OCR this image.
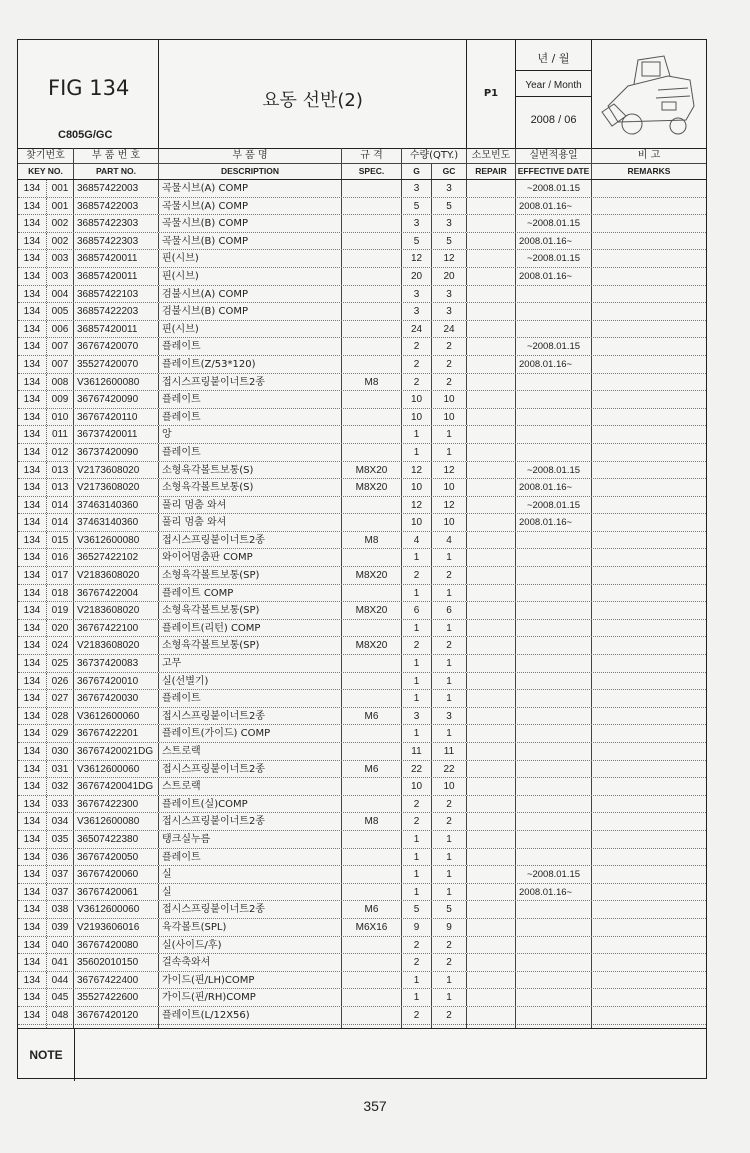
FIG 134
C805G/GC
요동 선반(2)	P1
년 / 월
Year / Month
2008 / 06
찾기번호	부 품 번 호	부 품 명	규 격	수량(QTY.)	소모빈도	실번적용일	비 고
KEY NO.	PART NO.	DESCRIPTION	SPEC.	G	GC	REPAIR	EFFECTIVE DATE	REMARKS
134	001 36857422003	곡물시브(A) COMP	3	3	~2008.01.15
134	001 36857422003	곡물시브(A) COMP	5	5	2008.01.16~
134	002 36857422303	곡물시브(B) COMP	3	3	~2008.01.15
134	002 36857422303	곡물시브(B) COMP	5	5	2008.01.16~
134	003 36857420011	핀(시브)	12	12	~2008.01.15
134	003 36857420011	핀(시브)	20	20	2008.01.16~
134	004 36857422103	검불시브(A) COMP	3	3
134	005 36857422203	검불시브(B) COMP	3	3
134	006 36857420011	핀(시브)	24	24
134	007 36767420070	플레이트	2	2	~2008.01.15
134	007 35527420070	플레이트(Z/53*120)	2	2	2008.01.16~
134	008 V3612600080	접시스프링붙이너트2종	M8	2	2
134	009 36767420090	플레이트	10	10
134	010 36767420110	플레이트	10	10
134	011 36737420011	앙	1	1
134	012 36737420090	플레이트	1	1
134	013 V2173608020	소형육각볼트보통(S)	M8X20	12	12	~2008.01.15
134	013 V2173608020	소형육각볼트보통(S)	M8X20	10	10	2008.01.16~
134	014 37463140360	풀리 멈춤 와셔	12	12	~2008.01.15
134	014 37463140360	풀리 멈춤 와셔	10	10	2008.01.16~
134	015 V3612600080	접시스프링붙이너트2종	M8	4	4
134	016 36527422102	와이어멈춤판 COMP	1	1
134	017 V2183608020	소형육각볼트보통(SP)	M8X20	2	2
134	018 36767422004	플레이트 COMP	1	1
134	019 V2183608020	소형육각볼트보통(SP)	M8X20	6	6
134	020 36767422100	플레이트(리턴) COMP	1	1
134	024 V2183608020	소형육각볼트보통(SP)	M8X20	2	2
134	025 36737420083	고무	1	1
134	026 36767420010	실(선별기)	1	1
134	027 36767420030	플레이트	1	1
134	028 V3612600060	접시스프링붙이너트2종	M6	3	3
134	029 36767422201	플레이트(가이드) COMP	1	1
134	030 36767420021DG 스트로랙	11	11
134	031 V3612600060	접시스프링붙이너트2종	M6	22	22
134	032 36767420041DG 스트로랙	10	10
134	033 36767422300	플레이트(실)COMP	2	2
134	034 V3612600080	접시스프링붙이너트2종	M8	2	2
134	035 36507422380	탱크실누름	1	1
134	036 36767420050	플레이트	1	1
134	037 36767420060	실	1	1	~2008.01.15
134	037 36767420061	실	1	1	2008.01.16~
134	038 V3612600060	접시스프링붙이너트2종	M6	5	5
134	039 V2193606016	육각볼트(SPL)	M6X16	9	9
134	040 36767420080	실(사이드/후)	2	2
134	041 35602010150	걸속축와셔	2	2
134	044 36767422400	가이드(핀/LH)COMP	1	1
134	045 35527422600	가이드(핀/RH)COMP	1	1
134	048 36767420120	플레이트(L/12X56)	2	2
NOTE
357
